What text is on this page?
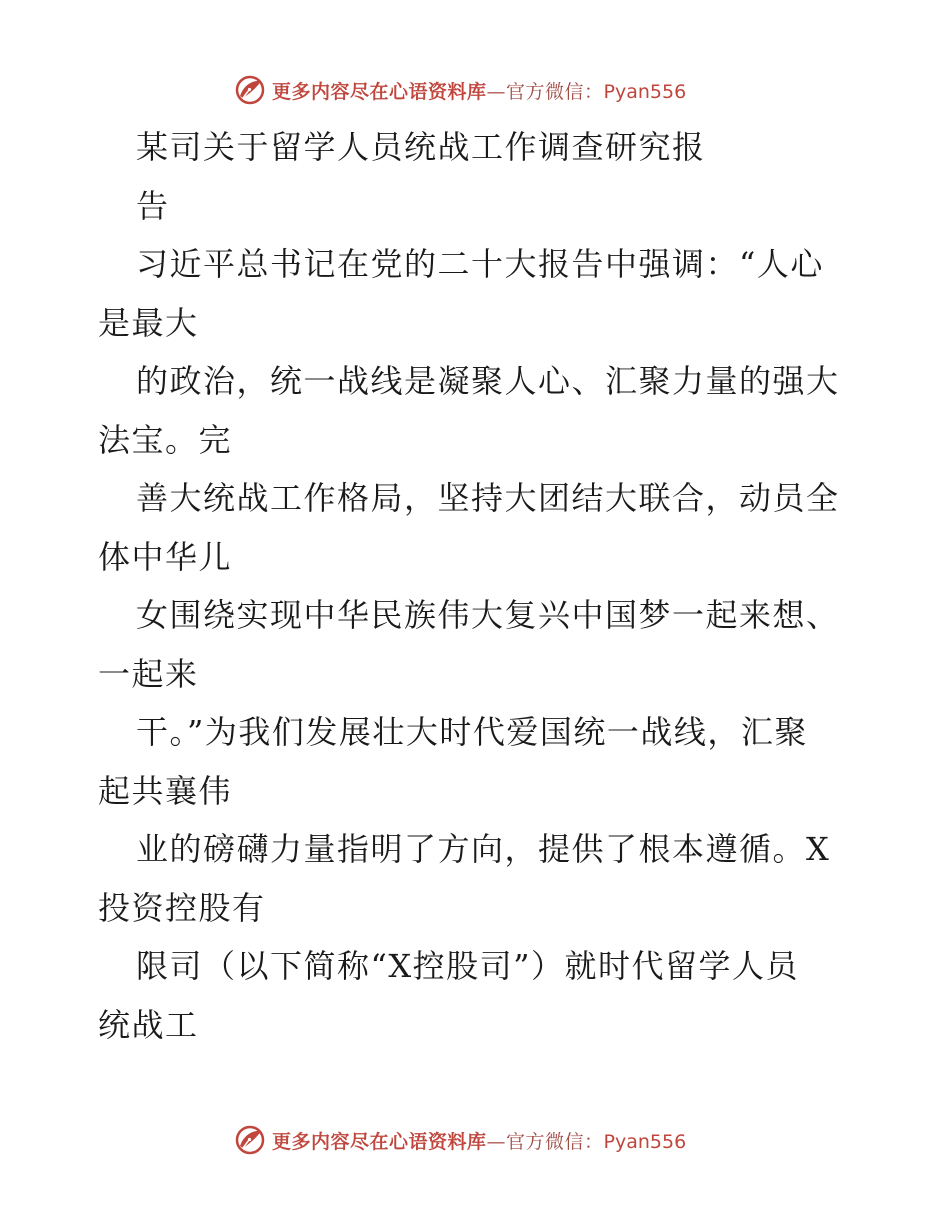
更多内容尽在心语资料库—官方微信：Pyan556
某司关于留学人员统战工作调查研究报
告
习近平总书记在党的二十大报告中强调：“人心
是最大
的政治，统一战线是凝聚人心、汇聚力量的强大
法宝。完
善大统战工作格局，坚持大团结大联合，动员全
体中华儿
女围绕实现中华民族伟大复兴中国梦一起来想、
一起来
干。”为我们发展壮大时代爱国统一战线，汇聚
起共襄伟
业的磅礴力量指明了方向，提供了根本遵循。X
投资控股有
限司（以下简称“X控股司”）就时代留学人员
统战工
更多内容尽在心语资料库—官方微信：Pyan556
